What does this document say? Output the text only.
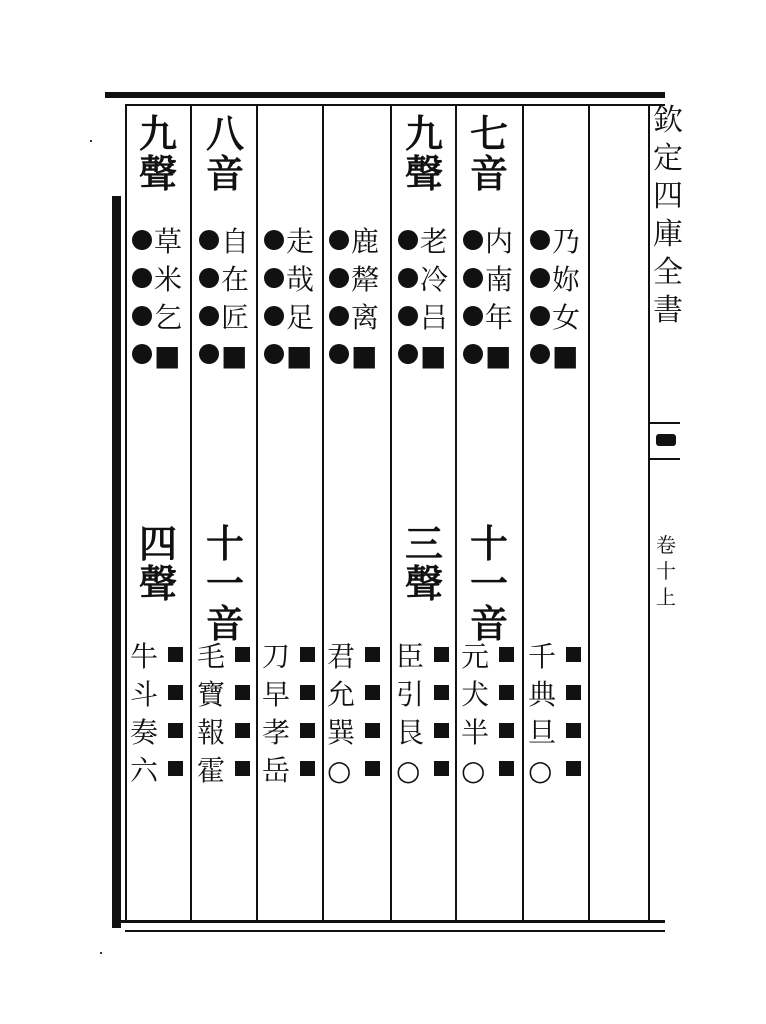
九
聲
四
聲
草
米
乞
■
牛
斗
奏
六
八
音
十一
音
自
在
匠
■
毛
寶
報
霍
走
哉
足
■
刀
早
孝
岳
鹿
犛
离
■
君
允
巽
○
九
聲
三
聲
老
冷
吕
■
臣
引
艮
○
七
音
十一
音
内
南
年
■
元
犬
半
○
乃
妳
女
■
千
典
旦
○
欽
定
四
庫
全
書
卷
十
上
